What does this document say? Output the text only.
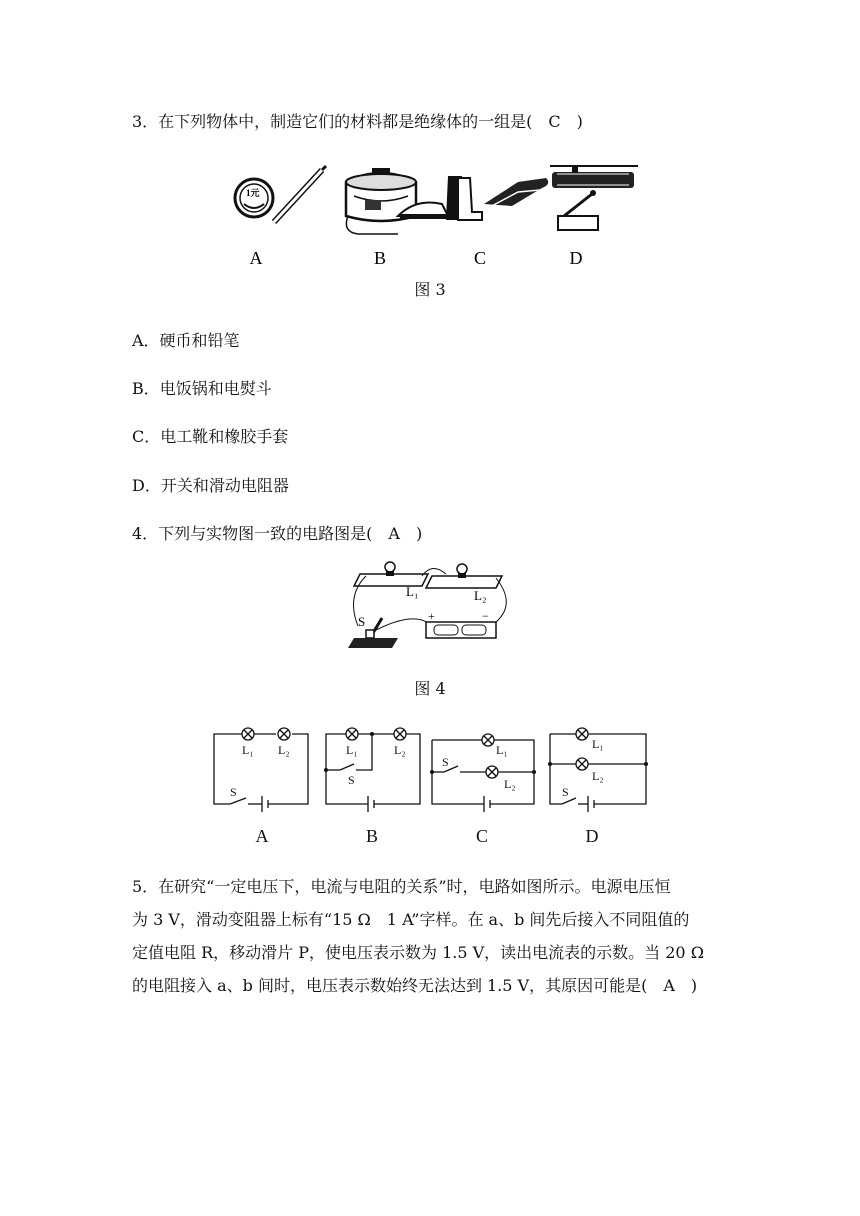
3．在下列物体中，制造它们的材料都是绝缘体的一组是(　C　)
1元
A	B	C	D
图 3
A．硬币和铅笔
B．电饭锅和电熨斗
C．电工靴和橡胶手套
D．开关和滑动电阻器
4．下列与实物图一致的电路图是(　A　)
L₁	L₂
S	+	−
图 4
L₁ L₂
S
L₁	L₂
S
L₁
L₂
S
L₁
L₂
S
A	B	C	D
5．在研究“一定电压下，电流与电阻的关系”时，电路如图所示。电源电压恒
为 3 V，滑动变阻器上标有“15 Ω　1 A”字样。在 a、b 间先后接入不同阻值的
定值电阻 R，移动滑片 P，使电压表示数为 1.5 V，读出电流表的示数。当 20 Ω
的电阻接入 a、b 间时，电压表示数始终无法达到 1.5 V，其原因可能是(　A　)
